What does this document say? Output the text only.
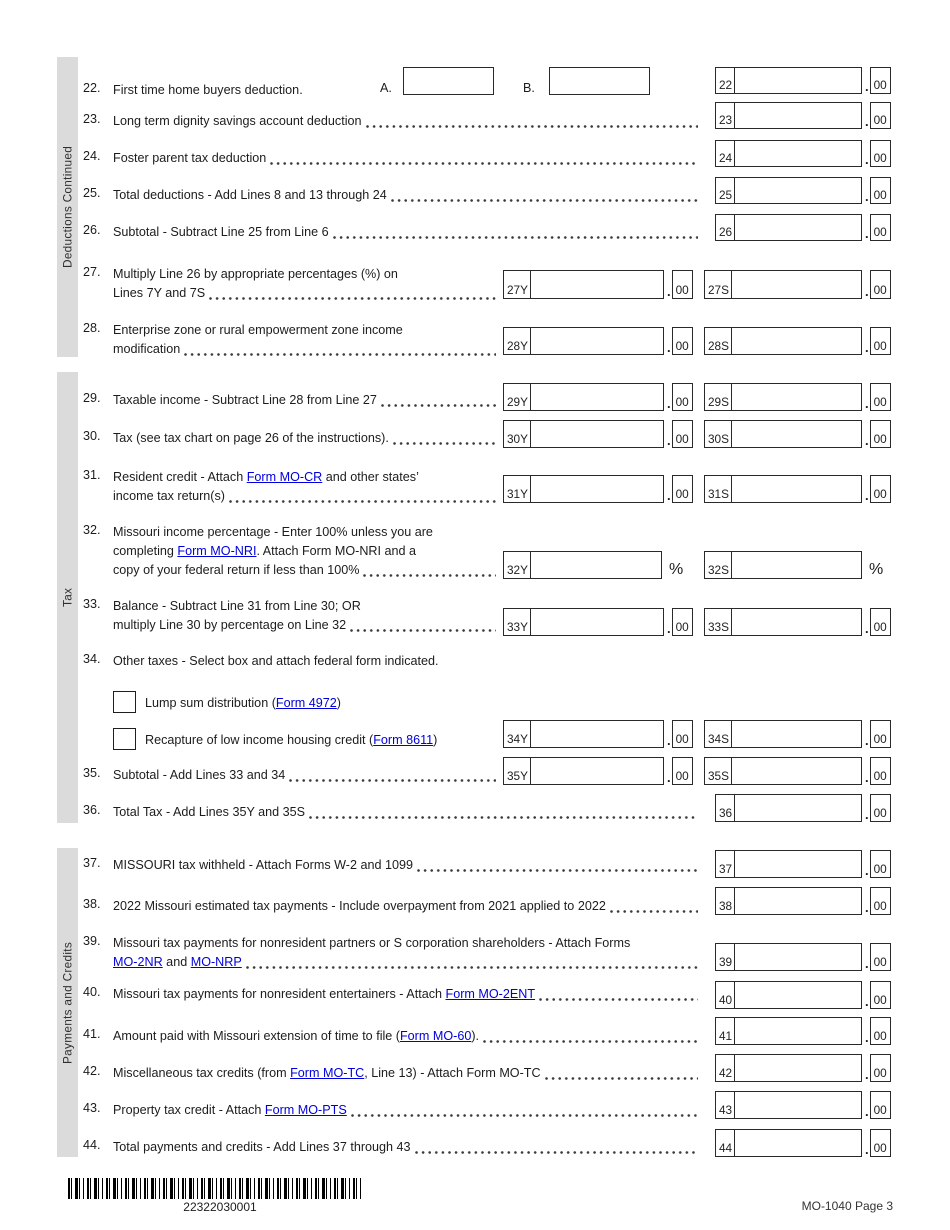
Deductions Continued
Tax
Payments and Credits
22. First time home buyers deduction.	A.	B.	22	. 00
23. Long term dignity savings account deduction	23	. 00
24. Foster parent tax deduction	24	. 00
25. Total deductions - Add Lines 8 and 13 through 24	25	. 00
26. Subtotal - Subtract Line 25 from Line 6	26	. 00
27. Multiply Line 26 by appropriate percentages (%) on
Lines 7Y and 7S	27Y	. 00	27S	. 00
28. Enterprise zone or rural empowerment zone income
modification	28Y	. 00	28S	. 00
29. Taxable income - Subtract Line 28 from Line 27	29Y	. 00	29S	. 00
30. Tax (see tax chart on page 26 of the instructions).	30Y	. 00	30S	. 00
31. Resident credit - Attach Form MO-CR and other states’
income tax return(s)	31Y	. 00	31S	. 00
32. Missouri income percentage - Enter 100% unless you are
completing Form MO-NRI. Attach Form MO-NRI and a
copy of your federal return if less than 100%	32Y	% 32S	%
33. Balance - Subtract Line 31 from Line 30; OR
multiply Line 30 by percentage on Line 32	33Y	. 00	33S	. 00
34. Other taxes - Select box and attach federal form indicated.
Lump sum distribution (Form 4972)
Recapture of low income housing credit (Form 8611)	34Y	. 00	34S	. 00
35. Subtotal - Add Lines 33 and 34	35Y	. 00	35S	. 00
36. Total Tax - Add Lines 35Y and 35S	36	. 00
37. MISSOURI tax withheld - Attach Forms W-2 and 1099	37	. 00
38. 2022 Missouri estimated tax payments - Include overpayment from 2021 applied to 2022	38	. 00
39. Missouri tax payments for nonresident partners or S corporation shareholders - Attach Forms
MO-2NR and MO-NRP	39	. 00
40. Missouri tax payments for nonresident entertainers - Attach Form MO-2ENT	40	. 00
41. Amount paid with Missouri extension of time to file (Form MO-60).	41	. 00
42. Miscellaneous tax credits (from Form MO-TC, Line 13) - Attach Form MO-TC	42	. 00
43. Property tax credit - Attach Form MO-PTS	43	. 00
44. Total payments and credits - Add Lines 37 through 43	44	. 00
22322030001	MO-1040 Page 3
